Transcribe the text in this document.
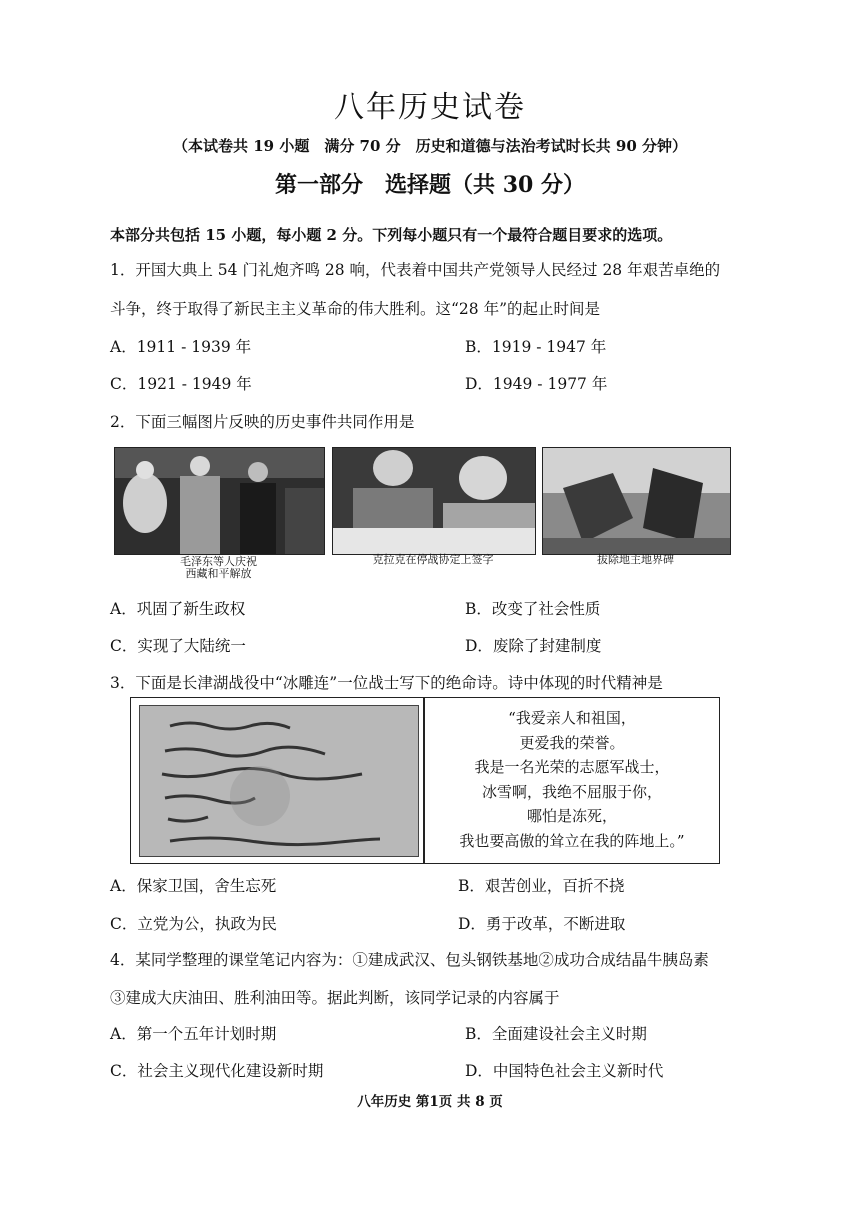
八年历史试卷
（本试卷共 19 小题　满分 70 分　历史和道德与法治考试时长共 90 分钟）
第一部分　选择题（共 30 分）
本部分共包括 15 小题，每小题 2 分。下列每小题只有一个最符合题目要求的选项。
1．开国大典上 54 门礼炮齐鸣 28 响，代表着中国共产党领导人民经过 28 年艰苦卓绝的
斗争，终于取得了新民主主义革命的伟大胜利。这“28 年”的起止时间是
A．1911 - 1939 年	B．1919 - 1947 年
C．1921 - 1949 年	D．1949 - 1977 年
2．下面三幅图片反映的历史事件共同作用是
毛泽东等人庆祝
西藏和平解放
克拉克在停战协定上签字	拔除地主地界碑
A．巩固了新生政权	B．改变了社会性质
C．实现了大陆统一	D．废除了封建制度
3．下面是长津湖战役中“冰雕连”一位战士写下的绝命诗。诗中体现的时代精神是
“我爱亲人和祖国，
更爱我的荣誉。
我是一名光荣的志愿军战士，
冰雪啊，我绝不屈服于你，
哪怕是冻死，
我也要高傲的耸立在我的阵地上。”
A．保家卫国，舍生忘死	B．艰苦创业，百折不挠
C．立党为公，执政为民	D．勇于改革，不断进取
4．某同学整理的课堂笔记内容为：①建成武汉、包头钢铁基地②成功合成结晶牛胰岛素
③建成大庆油田、胜利油田等。据此判断，该同学记录的内容属于
A．第一个五年计划时期	B．全面建设社会主义时期
C．社会主义现代化建设新时期	D．中国特色社会主义新时代
八年历史 第1页 共 8 页
